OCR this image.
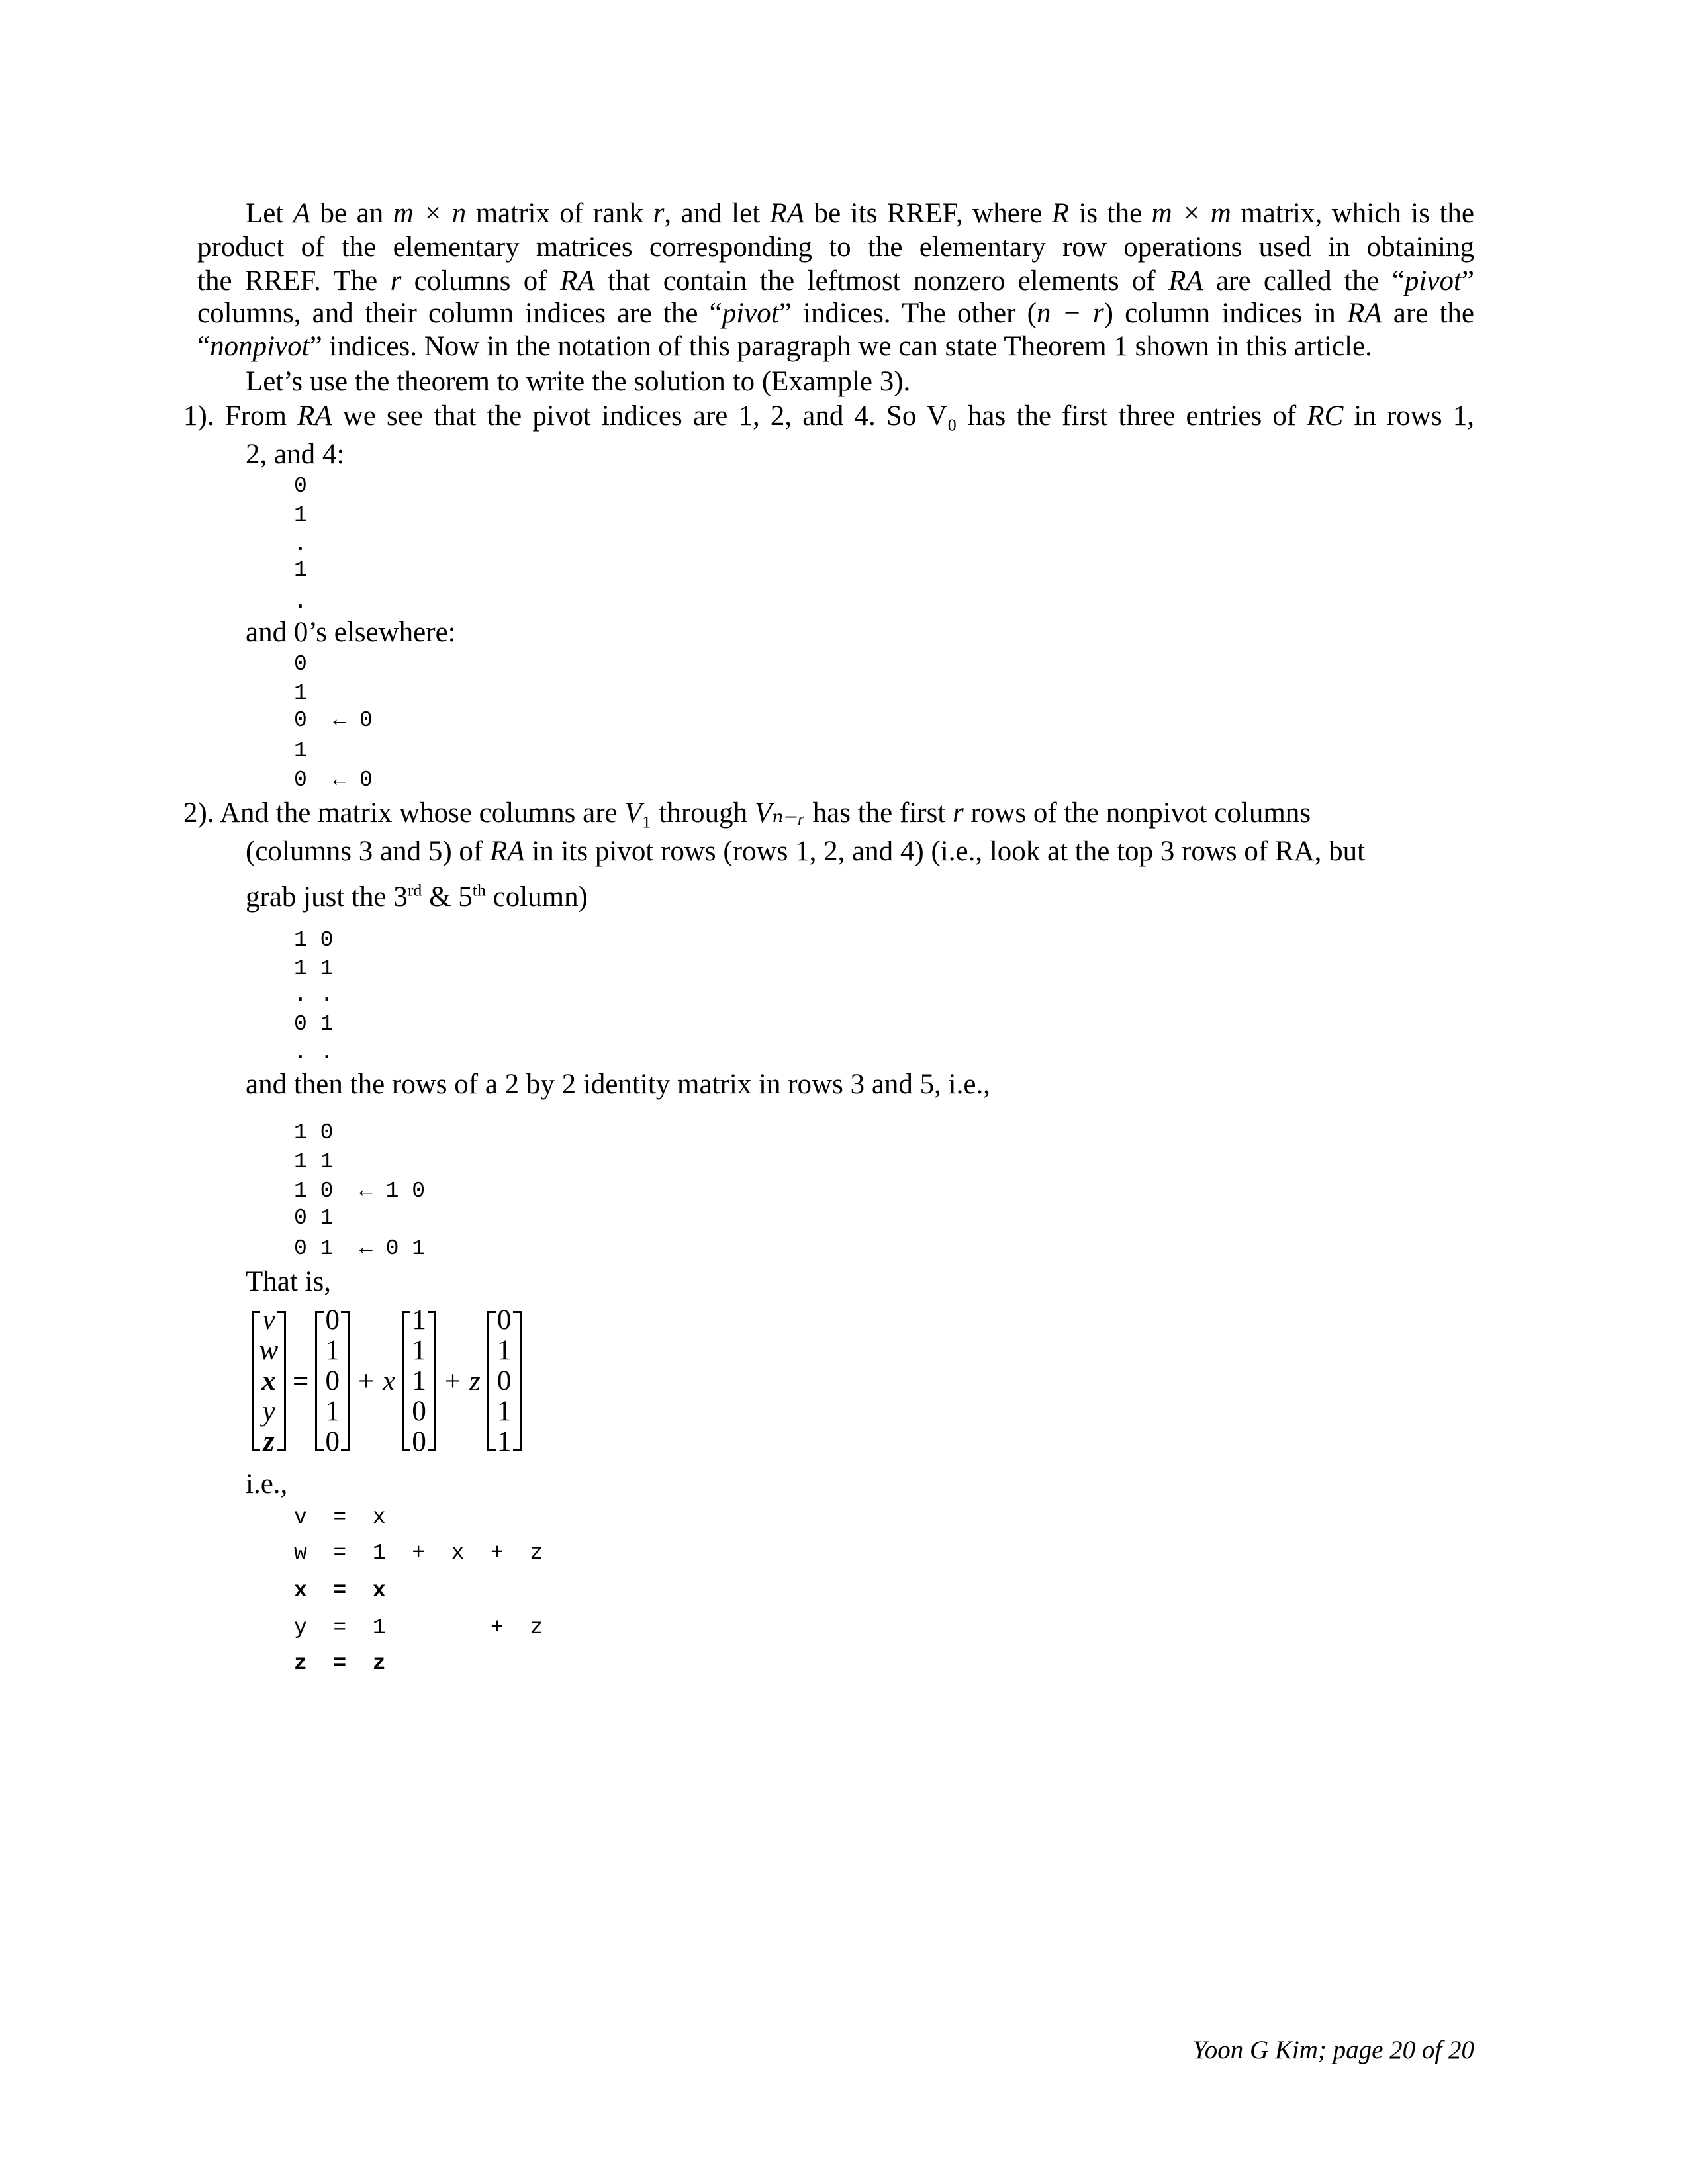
Let A be an m × n matrix of rank r, and let RA be its RREF, where R is the m × m matrix, which is the
product of the elementary matrices corresponding to the elementary row operations used in obtaining
the RREF. The r columns of RA that contain the leftmost nonzero elements of RA are called the “pivot”
columns, and their column indices are the “pivot” indices. The other (n − r) column indices in RA are the
“nonpivot” indices. Now in the notation of this paragraph we can state Theorem 1 shown in this article.
Let’s use the theorem to write the solution to (Example 3).
1). From RA we see that the pivot indices are 1, 2, and 4. So V₀ has the first three entries of RC in rows 1,
2, and 4:
0
1
.
1
.
and 0’s elsewhere:
0
1
0  ← 0
1
0  ← 0
2). And the matrix whose columns are V₁ through Vₙ₋ᵣ has the first r rows of the nonpivot columns
(columns 3 and 5) of RA in its pivot rows (rows 1, 2, and 4) (i.e., look at the top 3 rows of RA, but
grab just the 3rd & 5th column)
1 0
1 1
. .
0 1
. .
and then the rows of a 2 by 2 identity matrix in rows 3 and 5, i.e.,
1 0
1 1
1 0  ← 1 0
0 1
0 1  ← 0 1
That is,
v
w
x
y
z
=
0
1
0
1
0
+ x
1
1
1
0
0
+ z
0
1
0
1
1
i.e.,
v  =  x
w  =  1  +  x  +  z
x  =  x
y  =  1        +  z
z  =  z
Yoon G Kim; page 20 of 20
